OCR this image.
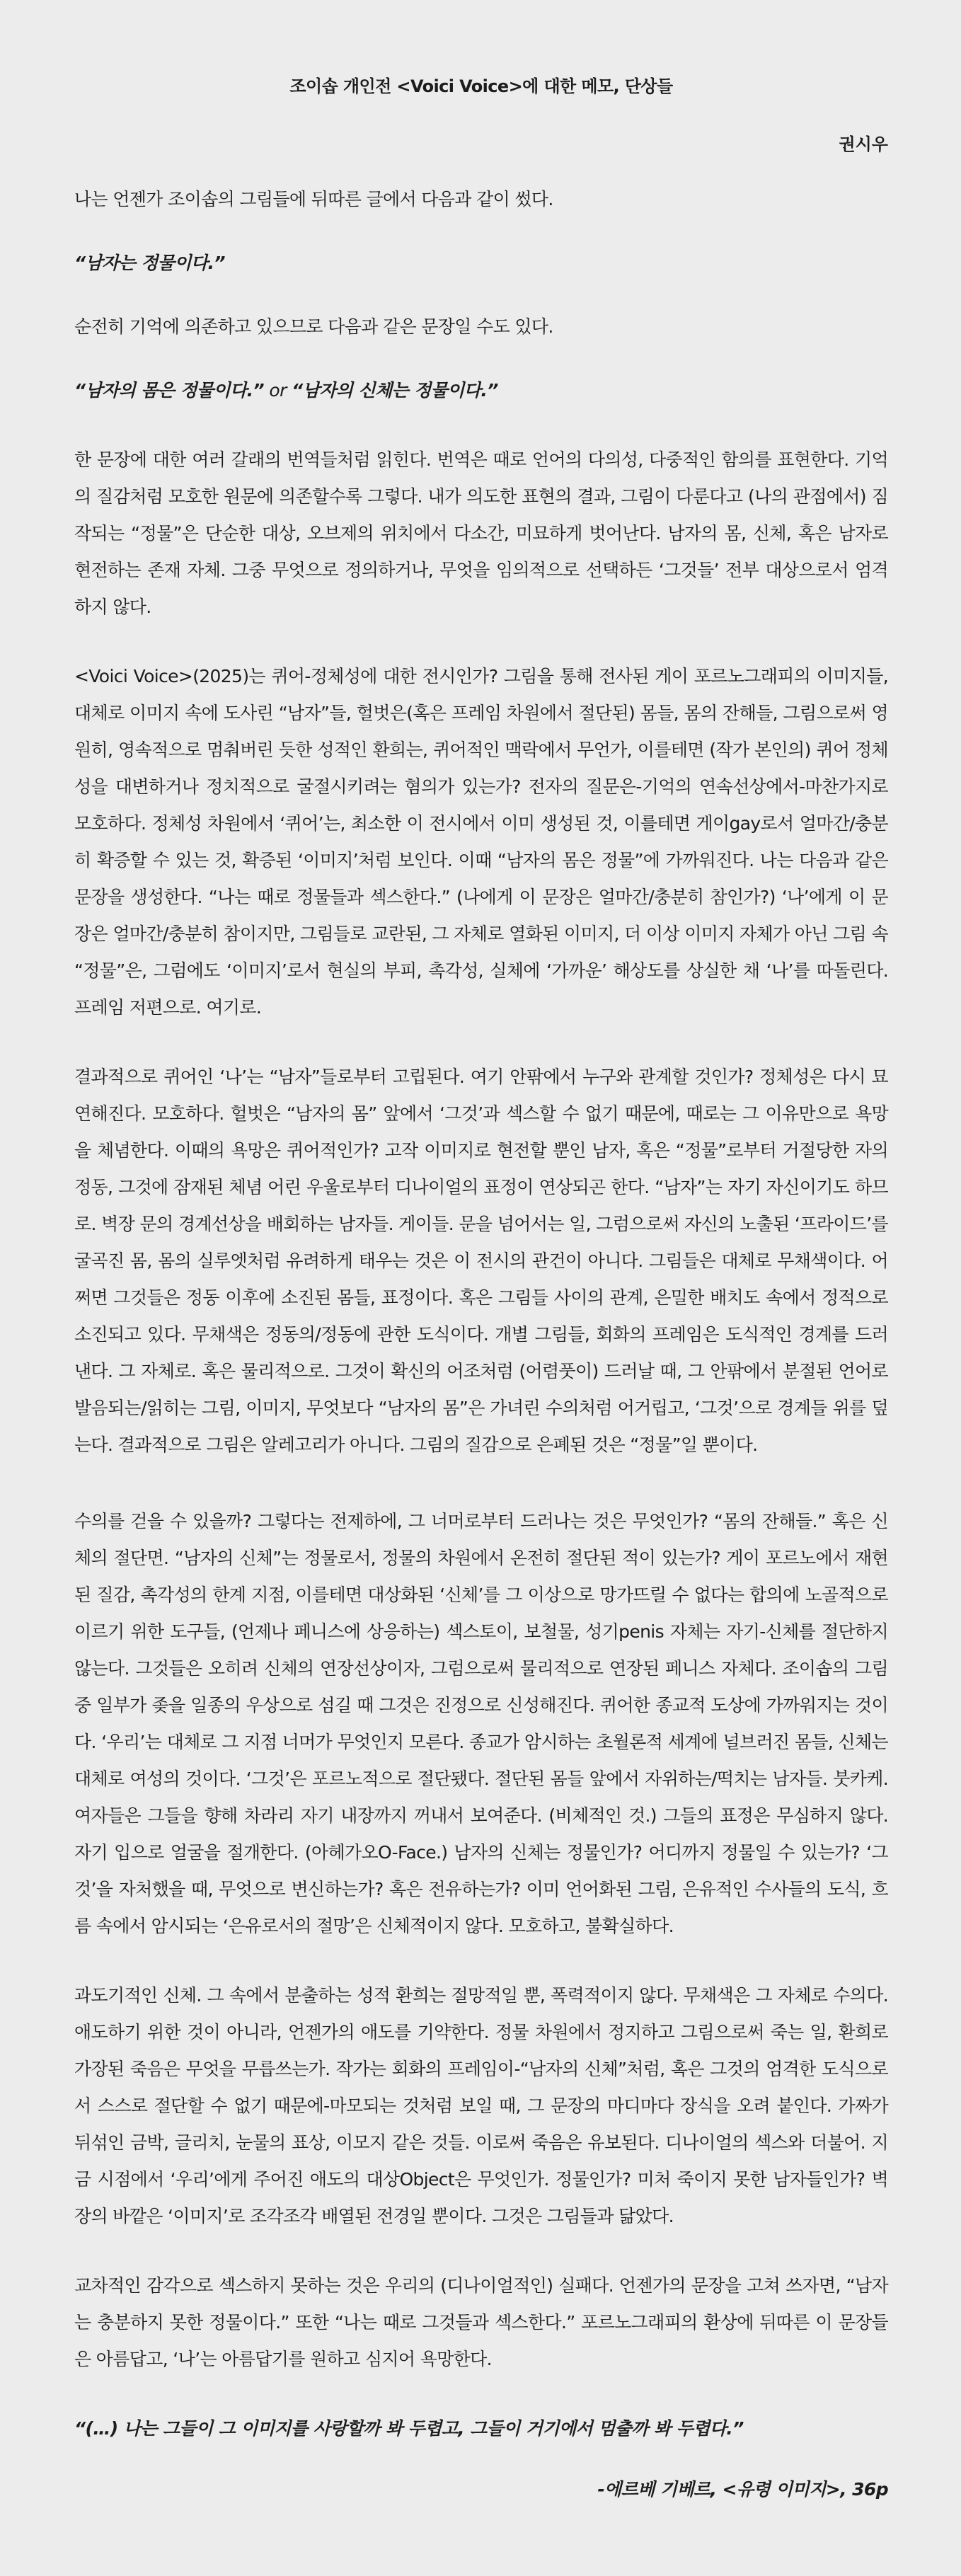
조이솝 개인전 <Voici Voice>에 대한 메모, 단상들
권시우

나는 언젠가 조이솝의 그림들에 뒤따른 글에서 다음과 같이 썼다.

“남자는 정물이다.”

순전히 기억에 의존하고 있으므로 다음과 같은 문장일 수도 있다.

“남자의 몸은 정물이다.” or “남자의 신체는 정물이다.”

한 문장에 대한 여러 갈래의 번역들처럼 읽힌다. 번역은 때로 언어의 다의성, 다중적인 함의를 표현한다. 기억의 질감처럼 모호한 원문에 의존할수록 그렇다. 내가 의도한 표현의 결과, 그림이 다룬다고 (나의 관점에서) 짐작되는 “정물”은 단순한 대상, 오브제의 위치에서 다소간, 미묘하게 벗어난다. 남자의 몸, 신체, 혹은 남자로 현전하는 존재 자체. 그중 무엇으로 정의하거나, 무엇을 임의적으로 선택하든 ‘그것들’ 전부 대상으로서 엄격하지 않다.

<Voici Voice>(2025)는 퀴어-정체성에 대한 전시인가? 그림을 통해 전사된 게이 포르노그래피의 이미지들, 대체로 이미지 속에 도사린 “남자”들, 헐벗은(혹은 프레임 차원에서 절단된) 몸들, 몸의 잔해들, 그림으로써 영원히, 영속적으로 멈춰버린 듯한 성적인 환희는, 퀴어적인 맥락에서 무언가, 이를테면 (작가 본인의) 퀴어 정체성을 대변하거나 정치적으로 굴절시키려는 혐의가 있는가? 전자의 질문은-기억의 연속선상에서-마찬가지로 모호하다. 정체성 차원에서 ‘퀴어’는, 최소한 이 전시에서 이미 생성된 것, 이를테면 게이gay로서 얼마간/충분히 확증할 수 있는 것, 확증된 ‘이미지’처럼 보인다. 이때 “남자의 몸은 정물”에 가까워진다. 나는 다음과 같은 문장을 생성한다. “나는 때로 정물들과 섹스한다.” (나에게 이 문장은 얼마간/충분히 참인가?) ‘나’에게 이 문장은 얼마간/충분히 참이지만, 그림들로 교란된, 그 자체로 열화된 이미지, 더 이상 이미지 자체가 아닌 그림 속 “정물”은, 그럼에도 ‘이미지’로서 현실의 부피, 촉각성, 실체에 ‘가까운’ 해상도를 상실한 채 ‘나’를 따돌린다. 프레임 저편으로. 여기로.

결과적으로 퀴어인 ‘나’는 “남자”들로부터 고립된다. 여기 안팎에서 누구와 관계할 것인가? 정체성은 다시 묘연해진다. 모호하다. 헐벗은 “남자의 몸” 앞에서 ‘그것’과 섹스할 수 없기 때문에, 때로는 그 이유만으로 욕망을 체념한다. 이때의 욕망은 퀴어적인가? 고작 이미지로 현전할 뿐인 남자, 혹은 “정물”로부터 거절당한 자의 정동, 그것에 잠재된 체념 어린 우울로부터 디나이얼의 표정이 연상되곤 한다. “남자”는 자기 자신이기도 하므로. 벽장 문의 경계선상을 배회하는 남자들. 게이들. 문을 넘어서는 일, 그럼으로써 자신의 노출된 ‘프라이드’를 굴곡진 몸, 몸의 실루엣처럼 유려하게 태우는 것은 이 전시의 관건이 아니다. 그림들은 대체로 무채색이다. 어쩌면 그것들은 정동 이후에 소진된 몸들, 표정이다. 혹은 그림들 사이의 관계, 은밀한 배치도 속에서 정적으로 소진되고 있다. 무채색은 정동의/정동에 관한 도식이다. 개별 그림들, 회화의 프레임은 도식적인 경계를 드러낸다. 그 자체로. 혹은 물리적으로. 그것이 확신의 어조처럼 (어렴풋이) 드러날 때, 그 안팎에서 분절된 언어로 발음되는/읽히는 그림, 이미지, 무엇보다 “남자의 몸”은 가녀린 수의처럼 어거립고, ‘그것’으로 경계들 위를 덮는다. 결과적으로 그림은 알레고리가 아니다. 그림의 질감으로 은폐된 것은 “정물”일 뿐이다.

수의를 걷을 수 있을까? 그렇다는 전제하에, 그 너머로부터 드러나는 것은 무엇인가? “몸의 잔해들.” 혹은 신체의 절단면. “남자의 신체”는 정물로서, 정물의 차원에서 온전히 절단된 적이 있는가? 게이 포르노에서 재현된 질감, 촉각성의 한계 지점, 이를테면 대상화된 ‘신체’를 그 이상으로 망가뜨릴 수 없다는 합의에 노골적으로 이르기 위한 도구들, (언제나 페니스에 상응하는) 섹스토이, 보철물, 성기penis 자체는 자기-신체를 절단하지 않는다. 그것들은 오히려 신체의 연장선상이자, 그럼으로써 물리적으로 연장된 페니스 자체다. 조이솝의 그림 중 일부가 좆을 일종의 우상으로 섬길 때 그것은 진정으로 신성해진다. 퀴어한 종교적 도상에 가까워지는 것이다. ‘우리’는 대체로 그 지점 너머가 무엇인지 모른다. 종교가 암시하는 초월론적 세계에 널브러진 몸들, 신체는 대체로 여성의 것이다. ‘그것’은 포르노적으로 절단됐다. 절단된 몸들 앞에서 자위하는/떡치는 남자들. 붓카케. 여자들은 그들을 향해 차라리 자기 내장까지 꺼내서 보여준다. (비체적인 것.) 그들의 표정은 무심하지 않다. 자기 입으로 얼굴을 절개한다. (아헤가오O-Face.) 남자의 신체는 정물인가? 어디까지 정물일 수 있는가? ‘그것’을 자처했을 때, 무엇으로 변신하는가? 혹은 전유하는가? 이미 언어화된 그림, 은유적인 수사들의 도식, 흐름 속에서 암시되는 ‘은유로서의 절망’은 신체적이지 않다. 모호하고, 불확실하다.

과도기적인 신체. 그 속에서 분출하는 성적 환희는 절망적일 뿐, 폭력적이지 않다. 무채색은 그 자체로 수의다. 애도하기 위한 것이 아니라, 언젠가의 애도를 기약한다. 정물 차원에서 정지하고 그림으로써 죽는 일, 환희로 가장된 죽음은 무엇을 무릅쓰는가. 작가는 회화의 프레임이-“남자의 신체”처럼, 혹은 그것의 엄격한 도식으로서 스스로 절단할 수 없기 때문에-마모되는 것처럼 보일 때, 그 문장의 마디마다 장식을 오려 붙인다. 가짜가 뒤섞인 금박, 글리치, 눈물의 표상, 이모지 같은 것들. 이로써 죽음은 유보된다. 디나이얼의 섹스와 더불어. 지금 시점에서 ‘우리’에게 주어진 애도의 대상Object은 무엇인가. 정물인가? 미처 죽이지 못한 남자들인가? 벽장의 바깥은 ‘이미지’로 조각조각 배열된 전경일 뿐이다. 그것은 그림들과 닮았다.

교차적인 감각으로 섹스하지 못하는 것은 우리의 (디나이얼적인) 실패다. 언젠가의 문장을 고쳐 쓰자면, “남자는 충분하지 못한 정물이다.” 또한 “나는 때로 그것들과 섹스한다.” 포르노그래피의 환상에 뒤따른 이 문장들은 아름답고, ‘나’는 아름답기를 원하고 심지어 욕망한다.

“(…) 나는 그들이 그 이미지를 사랑할까 봐 두렵고, 그들이 거기에서 멈출까 봐 두렵다.”

-에르베 기베르, <유령 이미지>, 36p
